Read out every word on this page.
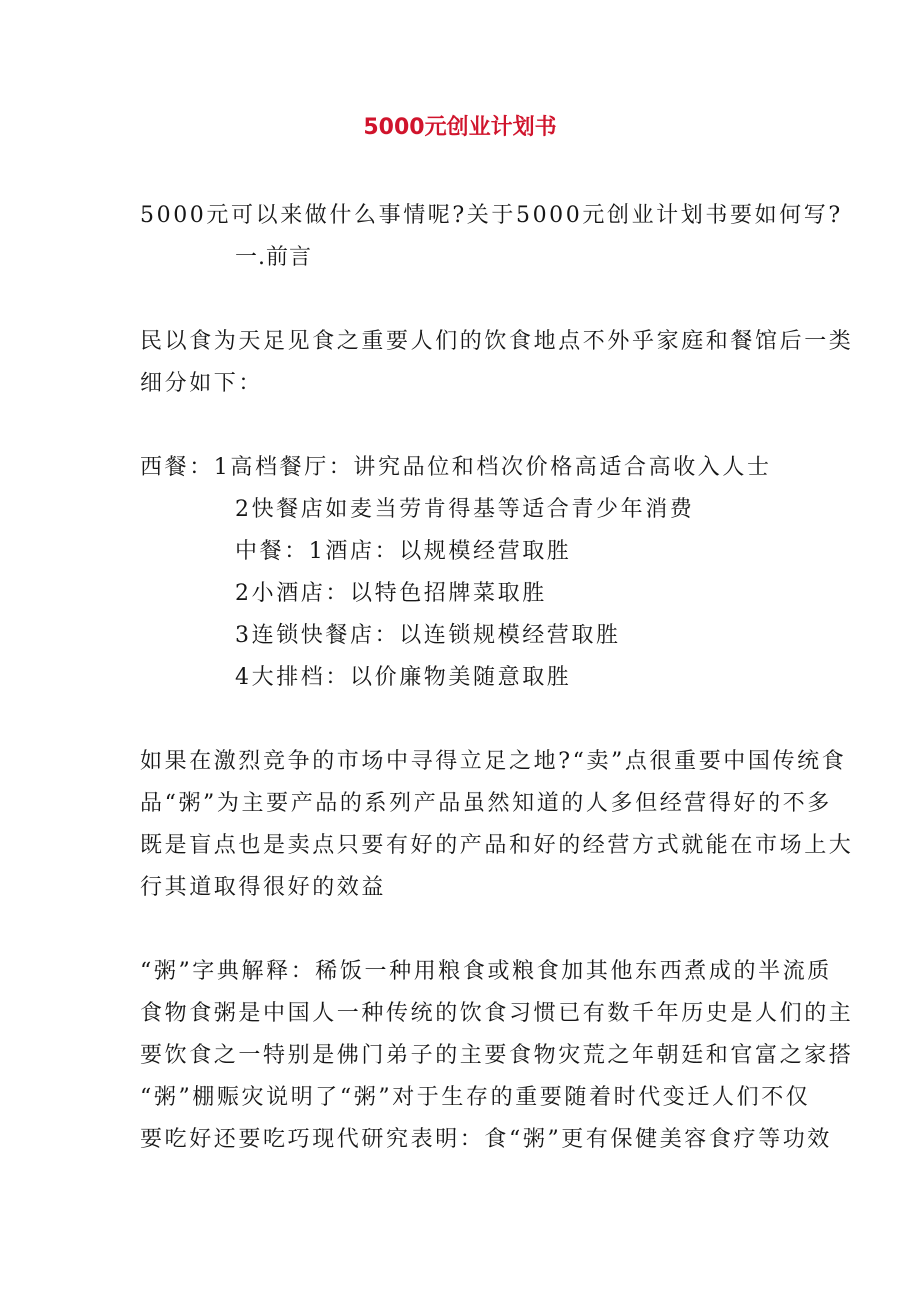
5000元创业计划书
5000元可以来做什么事情呢?关于5000元创业计划书要如何写?
一.前言
民以食为天足见食之重要人们的饮食地点不外乎家庭和餐馆后一类
细分如下：
西餐：1高档餐厅：讲究品位和档次价格高适合高收入人士
2快餐店如麦当劳肯得基等适合青少年消费
中餐：1酒店：以规模经营取胜
2小酒店：以特色招牌菜取胜
3连锁快餐店：以连锁规模经营取胜
4大排档：以价廉物美随意取胜
如果在激烈竞争的市场中寻得立足之地?“卖”点很重要中国传统食
品“粥”为主要产品的系列产品虽然知道的人多但经营得好的不多
既是盲点也是卖点只要有好的产品和好的经营方式就能在市场上大
行其道取得很好的效益
“粥”字典解释：稀饭一种用粮食或粮食加其他东西煮成的半流质
食物食粥是中国人一种传统的饮食习惯已有数千年历史是人们的主
要饮食之一特别是佛门弟子的主要食物灾荒之年朝廷和官富之家搭
“粥”棚赈灾说明了“粥”对于生存的重要随着时代变迁人们不仅
要吃好还要吃巧现代研究表明：食“粥”更有保健美容食疗等功效
